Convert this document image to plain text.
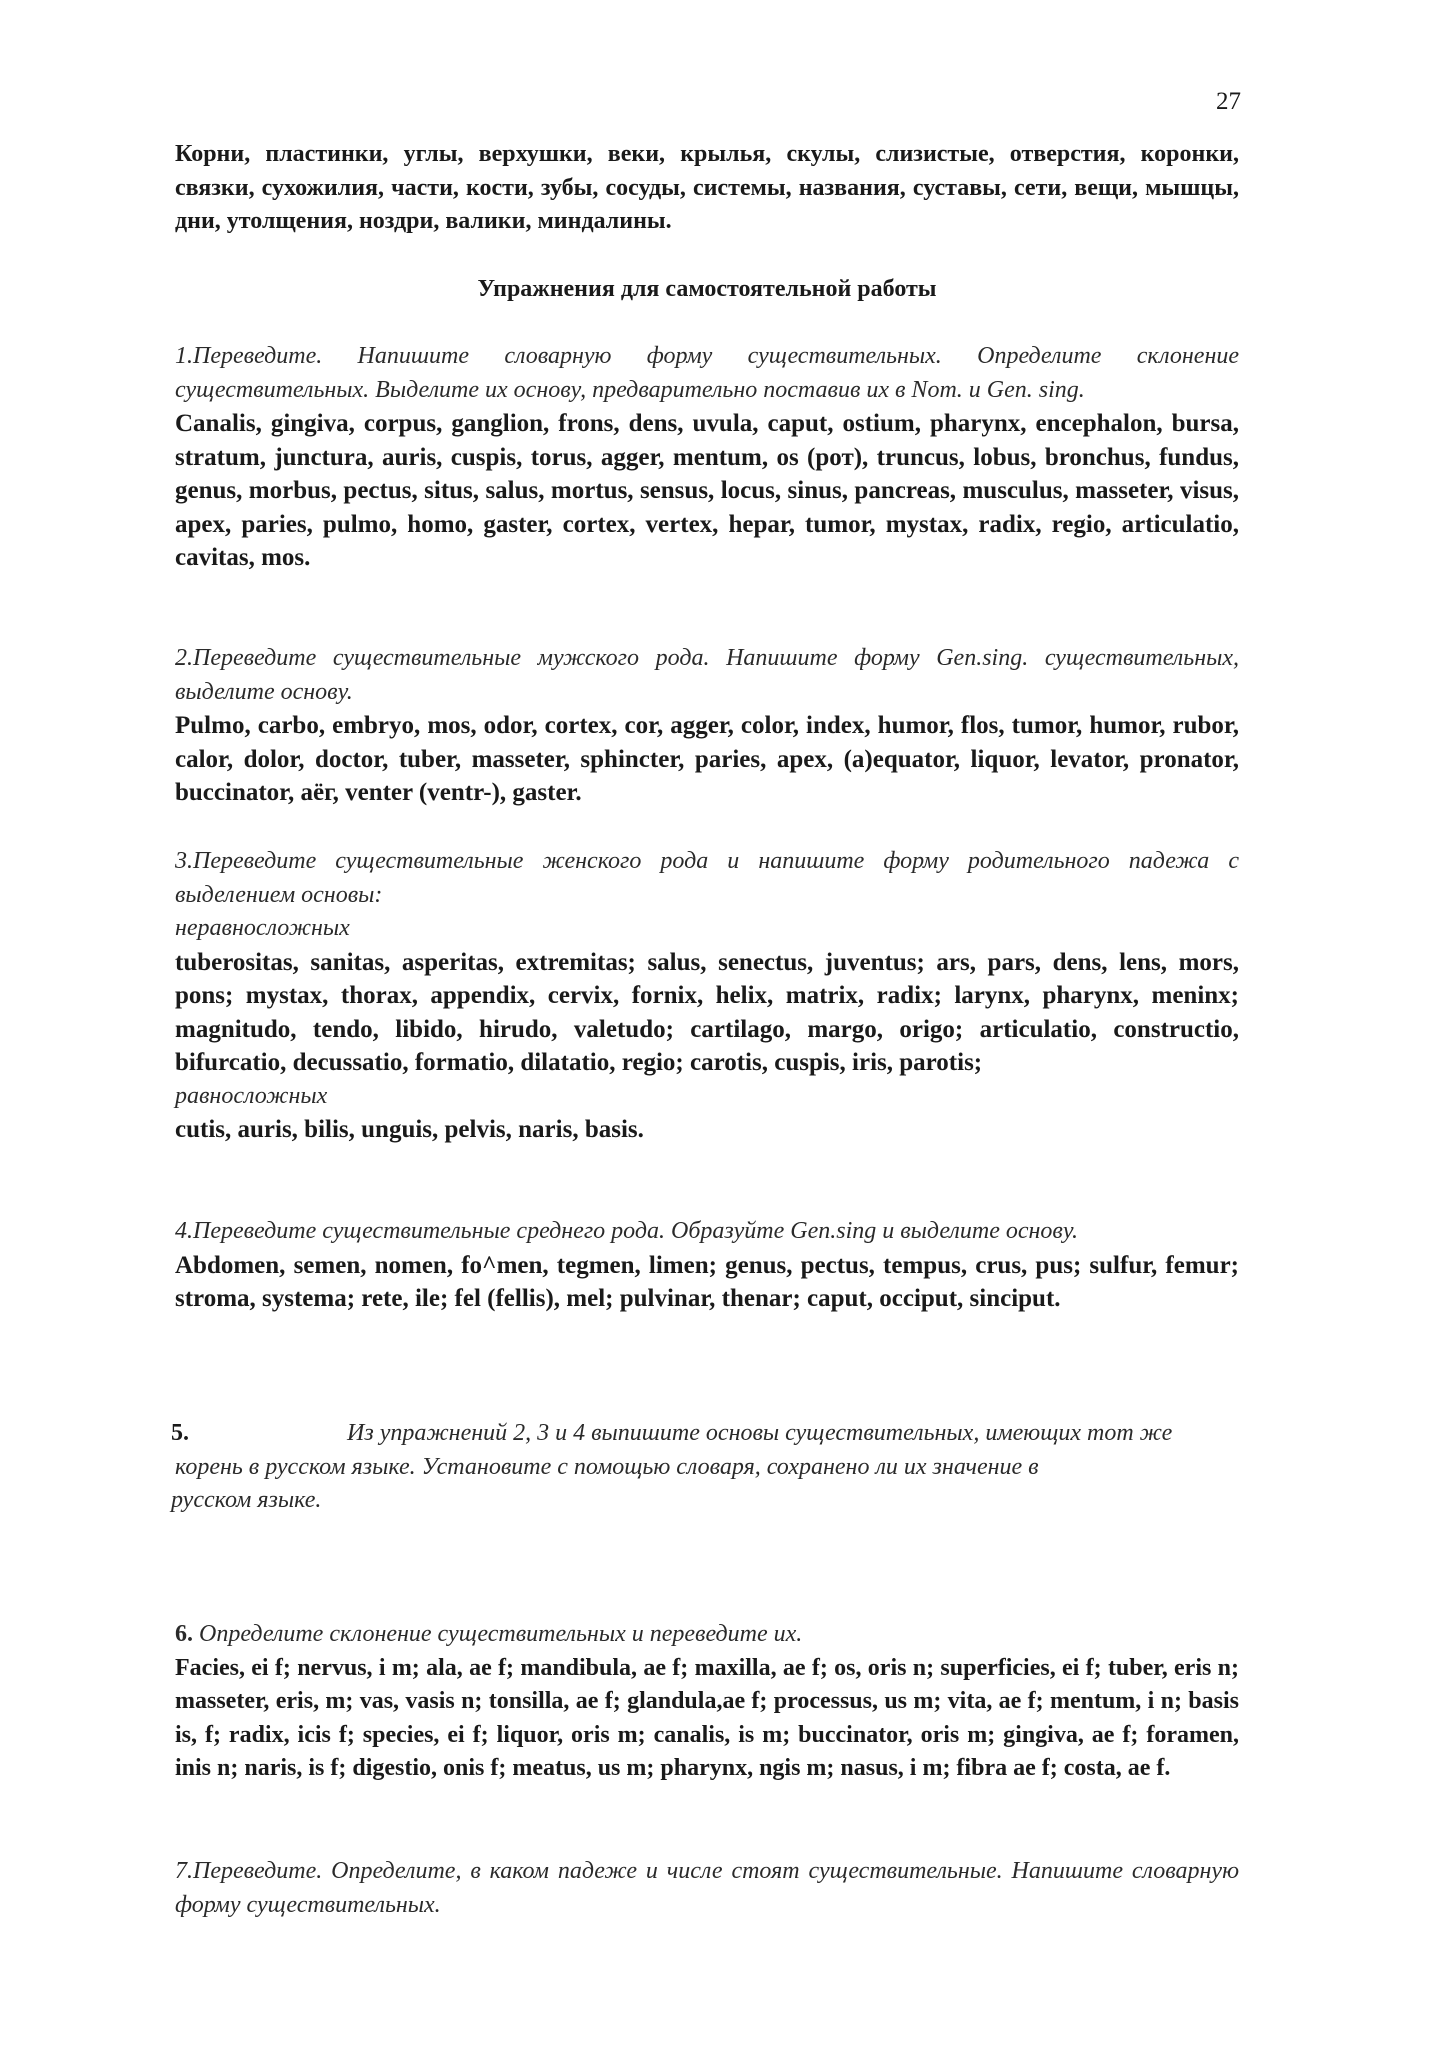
27

Корни, пластинки, углы, верхушки, веки, крылья, скулы, слизистые, отверстия, коронки, связки, сухожилия, части, кости, зубы, сосуды, системы, названия, суставы, сети, вещи, мышцы, дни, утолщения, ноздри, валики, миндалины.

Упражнения для самостоятельной работы

1.Переведите. Напишите словарную форму существительных. Определите склонение существительных. Выделите их основу, предварительно поставив их в Nom. и Gen. sing.

Canalis, gingiva, corpus, ganglion, frons, dens, uvula, caput, ostium, pharynx, encephalon, bursa, stratum, junctura, auris, cuspis, torus, agger, mentum, os (рот), truncus, lobus, bronchus, fundus, genus, morbus, pectus, situs, salus, mortus, sensus, locus, sinus, pancreas, musculus, masseter, visus, apex, paries, pulmo, homo, gaster, cortex, vertex, hepar, tumor, mystax, radix, regio, articulatio, cavitas, mos.

2.Переведите существительные мужского рода. Напишите форму Gen.sing. существительных, выделите основу.

Pulmo, carbo, embryo, mos, odor, cortex, cor, agger, color, index, humor, flos, tumor, humor, rubor, calor, dolor, doctor, tuber, masseter, sphincter, paries, apex, (a)equator, liquor, levator, pronator, buccinator, аёг, venter (ventr-), gaster.

3.Переведите существительные женского рода и напишите форму родительного падежа с выделением основы:

неравносложных

tuberositas, sanitas, asperitas, extremitas; salus, senectus, juventus; ars, pars, dens, lens, mors, pons; mystax, thorax, appendix, cervix, fornix, helix, matrix, radix; larynx, pharynx, meninx; magnitudo, tendo, libido, hirudo, valetudo; cartilago, margo, origo; articulatio, constructio, bifurcatio, decussatio, formatio, dilatatio, regio; carotis, cuspis, iris, parotis;

равносложных

cutis, auris, bilis, unguis, pelvis, naris, basis.

4.Переведите существительные среднего рода. Образуйте Gen.sing и выделите основу.

Abdomen, semen, nomen, fo^men, tegmen, limen; genus, pectus, tempus, crus, pus; sulfur, femur; stroma, systema; rete, ile; fel (fellis), mel; pulvinar, thenar; caput, occiput, sinciput.

5.	Из упражнений 2, 3 и 4 выпишите основы существительных, имеющих тот же
корень в русском языке. Установите с помощью словаря, сохранено ли их значение в
русском языке.

6. Определите склонение существительных и переведите их.

Facies, ei f; nervus, i m; ala, ae f; mandibula, ae f; maxilla, ae f; os, oris n; superficies, ei f; tuber, eris n; masseter, eris, m; vas, vasis n; tonsilla, ae f; glandula,ae f; processus, us m; vita, ae f; mentum, i n; basis is, f; radix, icis f; species, ei f; liquor, oris m; canalis, is m; buccinator, oris m; gingiva, ae f; foramen, inis n; naris, is f; digestio, onis f; meatus, us m; pharynx, ngis m; nasus, i m; fibra ae f; costa, ae f.

7.Переведите. Определите, в каком падеже и числе стоят существительные. Напишите словарную форму существительных.
